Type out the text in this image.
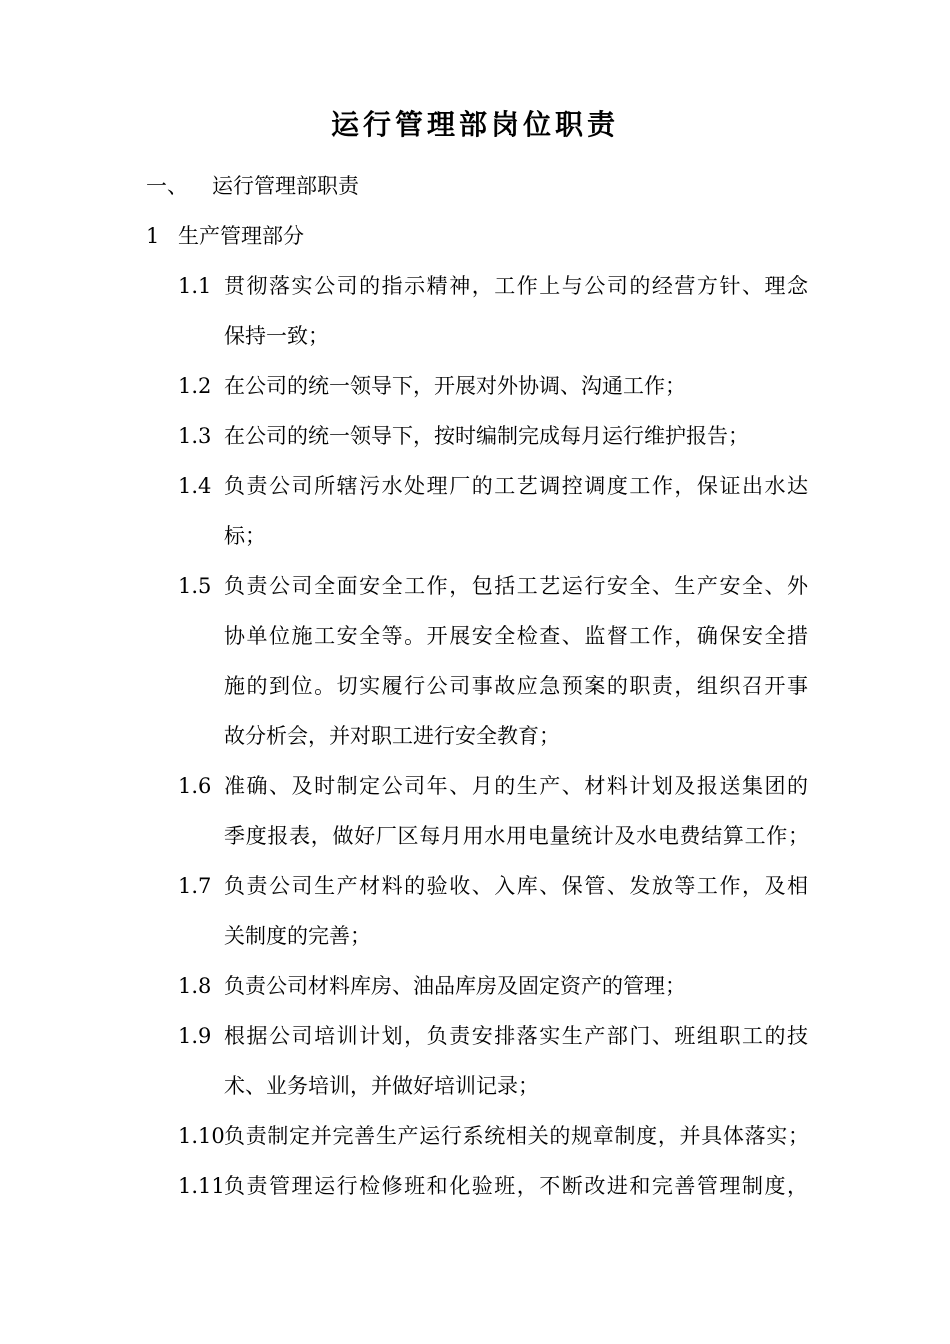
运行管理部岗位职责
一、 运行管理部职责
1 生产管理部分
1.1 贯彻落实公司的指示精神，工作上与公司的经营方针、理念
保持一致；
1.2 在公司的统一领导下，开展对外协调、沟通工作；
1.3 在公司的统一领导下，按时编制完成每月运行维护报告；
1.4 负责公司所辖污水处理厂的工艺调控调度工作，保证出水达
标；
1.5 负责公司全面安全工作，包括工艺运行安全、生产安全、外
协单位施工安全等。开展安全检查、监督工作，确保安全措
施的到位。切实履行公司事故应急预案的职责，组织召开事
故分析会，并对职工进行安全教育；
1.6 准确、及时制定公司年、月的生产、材料计划及报送集团的
季度报表，做好厂区每月用水用电量统计及水电费结算工作；
1.7 负责公司生产材料的验收、入库、保管、发放等工作，及相
关制度的完善；
1.8 负责公司材料库房、油品库房及固定资产的管理；
1.9 根据公司培训计划，负责安排落实生产部门、班组职工的技
术、业务培训，并做好培训记录；
1.10 负责制定并完善生产运行系统相关的规章制度，并具体落实；
1.11 负责管理运行检修班和化验班，不断改进和完善管理制度，
